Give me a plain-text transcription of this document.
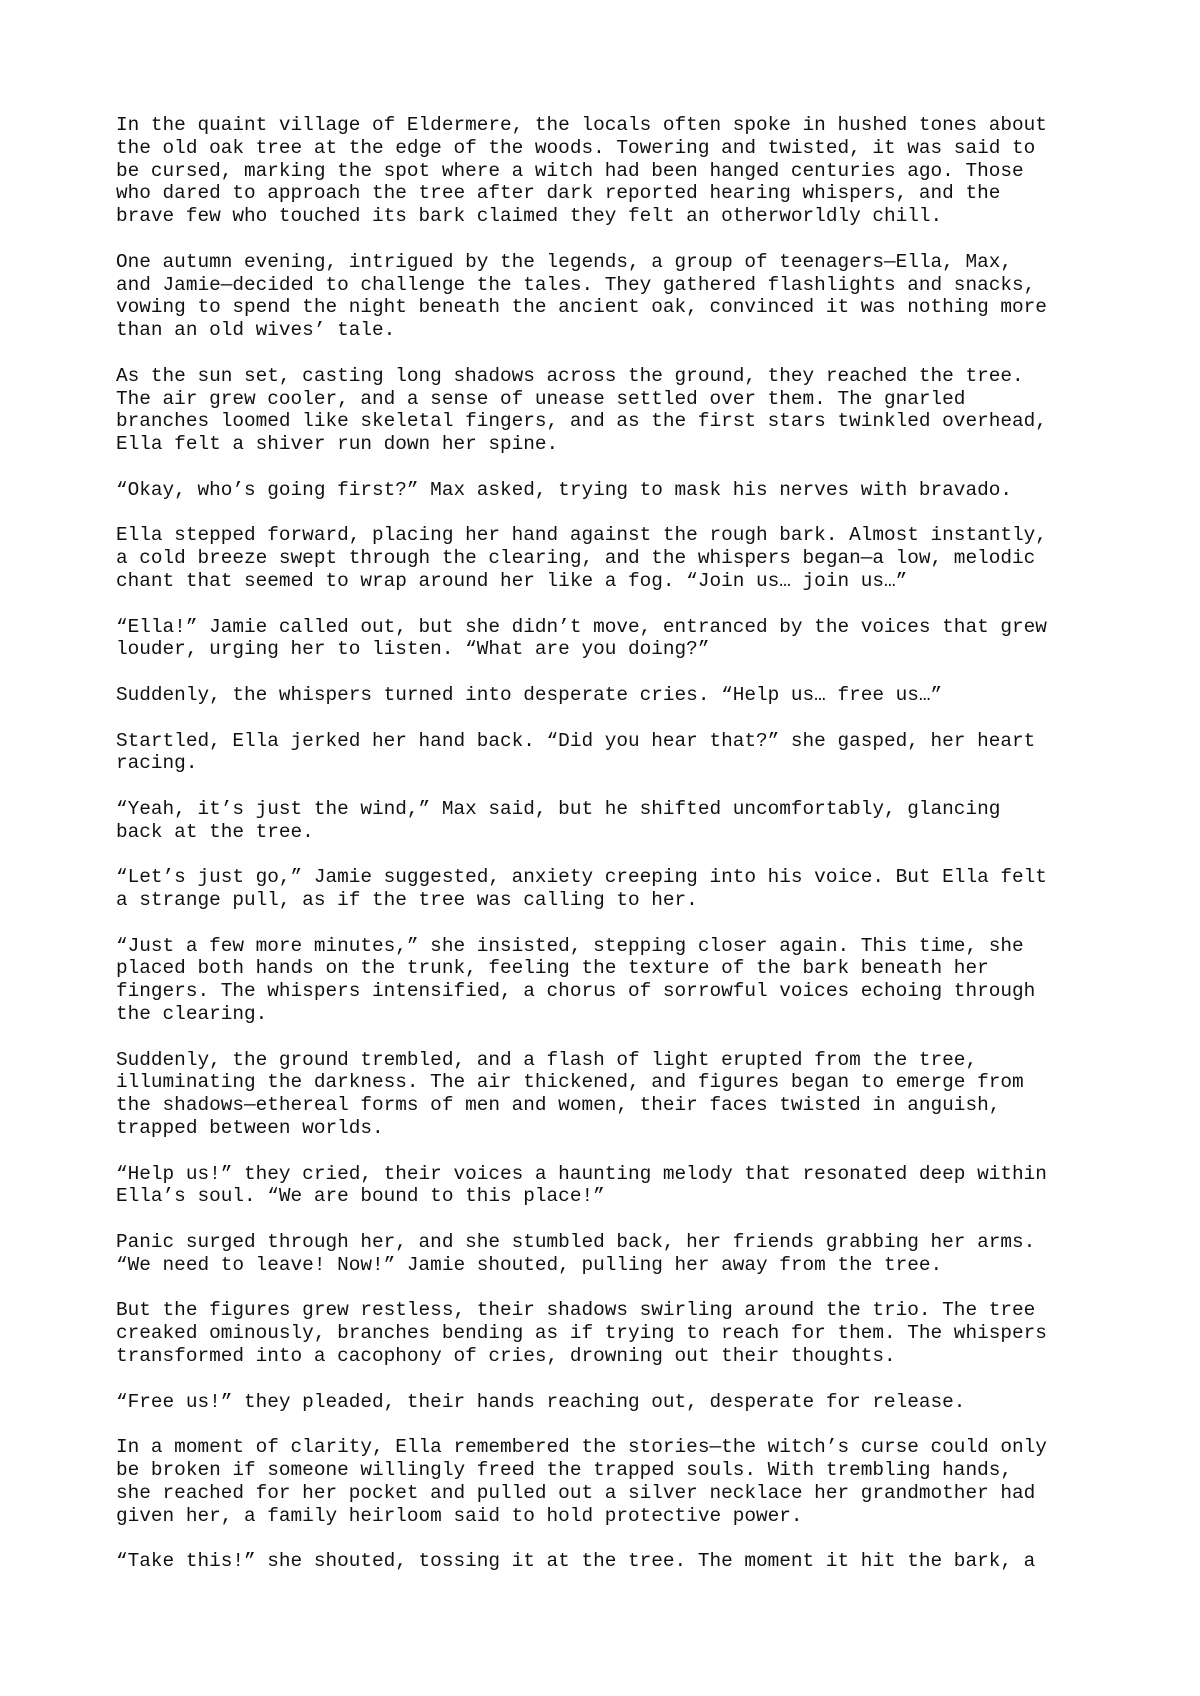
In the quaint village of Eldermere, the locals often spoke in hushed tones about
the old oak tree at the edge of the woods. Towering and twisted, it was said to
be cursed, marking the spot where a witch had been hanged centuries ago. Those
who dared to approach the tree after dark reported hearing whispers, and the
brave few who touched its bark claimed they felt an otherworldly chill.
One autumn evening, intrigued by the legends, a group of teenagers—Ella, Max,
and Jamie—decided to challenge the tales. They gathered flashlights and snacks,
vowing to spend the night beneath the ancient oak, convinced it was nothing more
than an old wives’ tale.
As the sun set, casting long shadows across the ground, they reached the tree.
The air grew cooler, and a sense of unease settled over them. The gnarled
branches loomed like skeletal fingers, and as the first stars twinkled overhead,
Ella felt a shiver run down her spine.
“Okay, who’s going first?” Max asked, trying to mask his nerves with bravado.
Ella stepped forward, placing her hand against the rough bark. Almost instantly,
a cold breeze swept through the clearing, and the whispers began—a low, melodic
chant that seemed to wrap around her like a fog. “Join us… join us…”
“Ella!” Jamie called out, but she didn’t move, entranced by the voices that grew
louder, urging her to listen. “What are you doing?”
Suddenly, the whispers turned into desperate cries. “Help us… free us…”
Startled, Ella jerked her hand back. “Did you hear that?” she gasped, her heart
racing.
“Yeah, it’s just the wind,” Max said, but he shifted uncomfortably, glancing
back at the tree.
“Let’s just go,” Jamie suggested, anxiety creeping into his voice. But Ella felt
a strange pull, as if the tree was calling to her.
“Just a few more minutes,” she insisted, stepping closer again. This time, she
placed both hands on the trunk, feeling the texture of the bark beneath her
fingers. The whispers intensified, a chorus of sorrowful voices echoing through
the clearing.
Suddenly, the ground trembled, and a flash of light erupted from the tree,
illuminating the darkness. The air thickened, and figures began to emerge from
the shadows—ethereal forms of men and women, their faces twisted in anguish,
trapped between worlds.
“Help us!” they cried, their voices a haunting melody that resonated deep within
Ella’s soul. “We are bound to this place!”
Panic surged through her, and she stumbled back, her friends grabbing her arms.
“We need to leave! Now!” Jamie shouted, pulling her away from the tree.
But the figures grew restless, their shadows swirling around the trio. The tree
creaked ominously, branches bending as if trying to reach for them. The whispers
transformed into a cacophony of cries, drowning out their thoughts.
“Free us!” they pleaded, their hands reaching out, desperate for release.
In a moment of clarity, Ella remembered the stories—the witch’s curse could only
be broken if someone willingly freed the trapped souls. With trembling hands,
she reached for her pocket and pulled out a silver necklace her grandmother had
given her, a family heirloom said to hold protective power.
“Take this!” she shouted, tossing it at the tree. The moment it hit the bark, a
